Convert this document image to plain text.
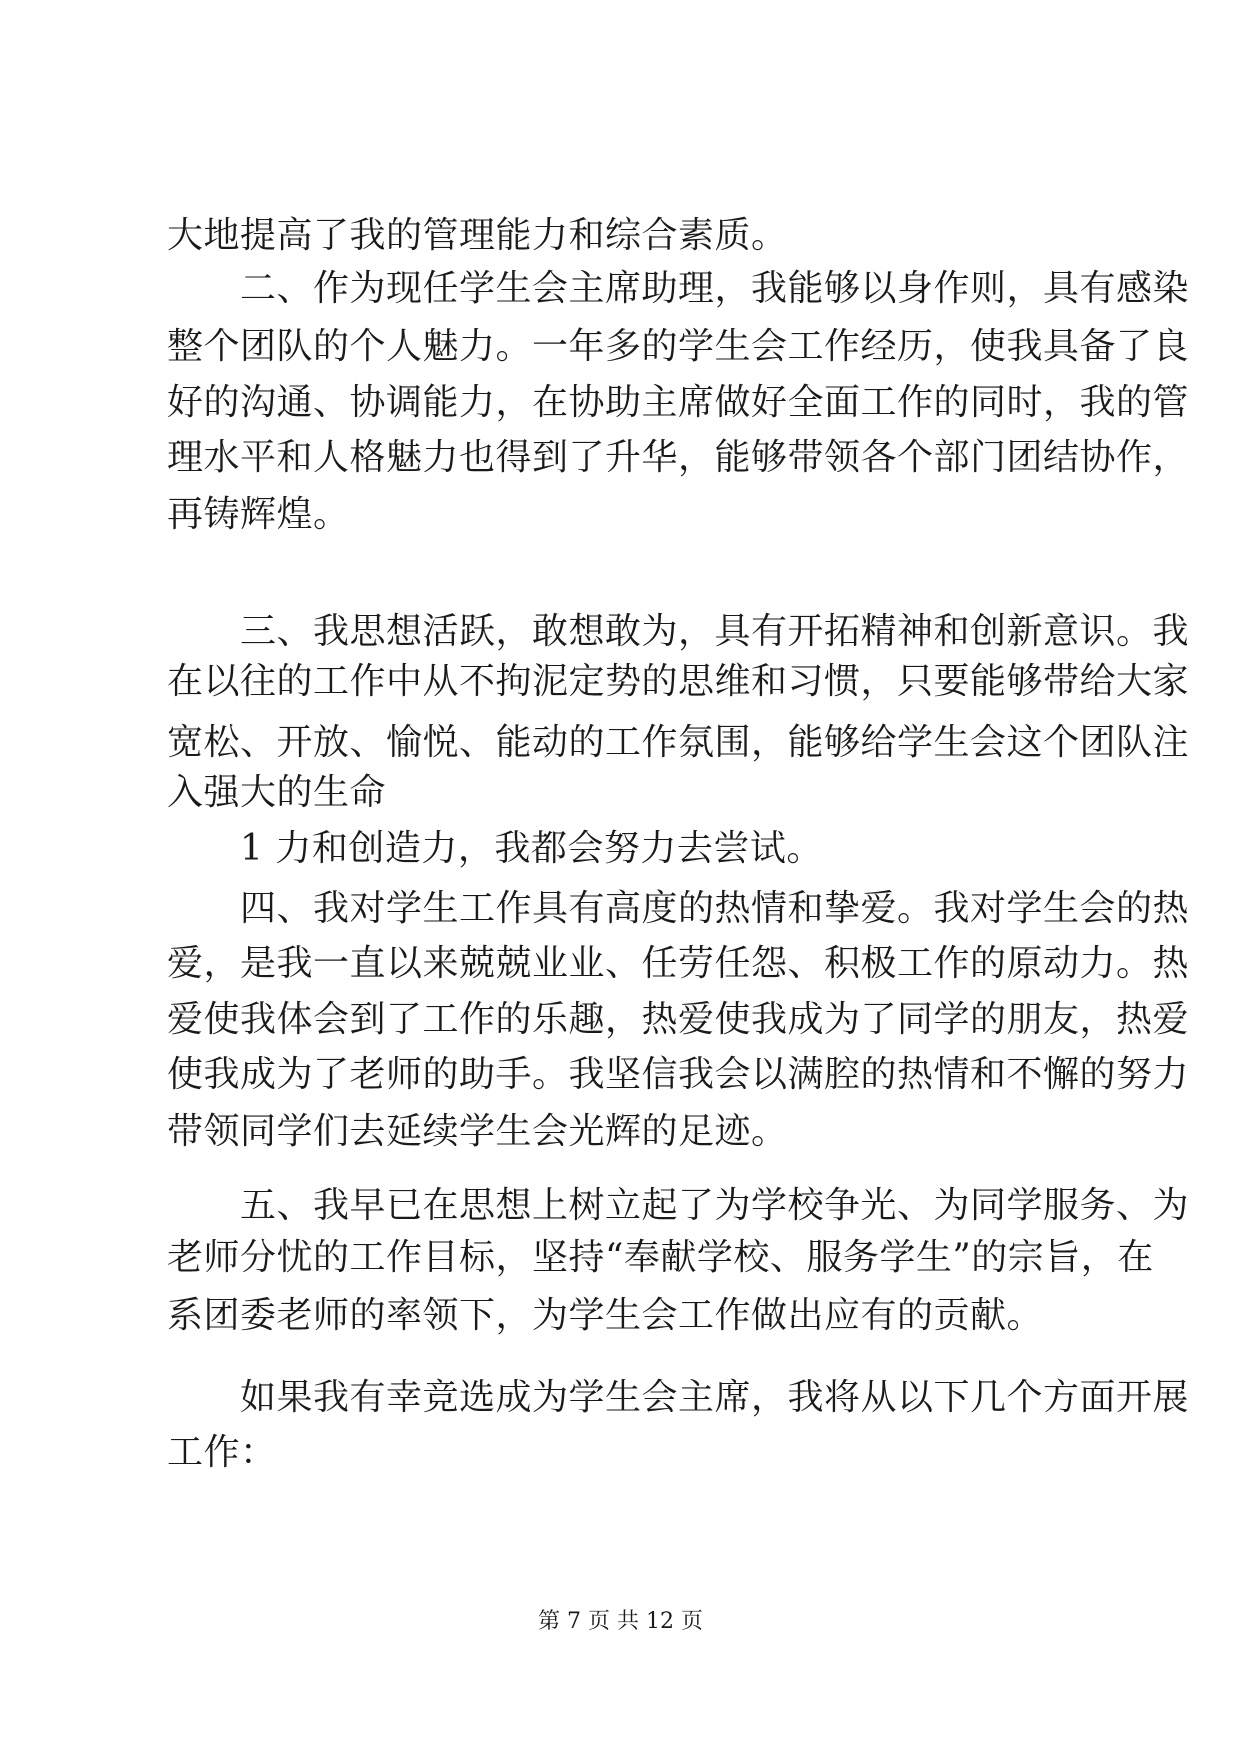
大地提高了我的管理能力和综合素质。
　　二、作为现任学生会主席助理，我能够以身作则，具有感染
整个团队的个人魅力。一年多的学生会工作经历，使我具备了良
好的沟通、协调能力，在协助主席做好全面工作的同时，我的管
理水平和人格魅力也得到了升华，能够带领各个部门团结协作，
再铸辉煌。
　　三、我思想活跃，敢想敢为，具有开拓精神和创新意识。我
在以往的工作中从不拘泥定势的思维和习惯，只要能够带给大家
宽松、开放、愉悦、能动的工作氛围，能够给学生会这个团队注
入强大的生命
　　1 力和创造力，我都会努力去尝试。
　　四、我对学生工作具有高度的热情和挚爱。我对学生会的热
爱，是我一直以来兢兢业业、任劳任怨、积极工作的原动力。热
爱使我体会到了工作的乐趣，热爱使我成为了同学的朋友，热爱
使我成为了老师的助手。我坚信我会以满腔的热情和不懈的努力
带领同学们去延续学生会光辉的足迹。
　　五、我早已在思想上树立起了为学校争光、为同学服务、为
老师分忧的工作目标，坚持“奉献学校、服务学生”的宗旨，在
系团委老师的率领下，为学生会工作做出应有的贡献。
　　如果我有幸竞选成为学生会主席，我将从以下几个方面开展
工作：
第 7 页 共 12 页
